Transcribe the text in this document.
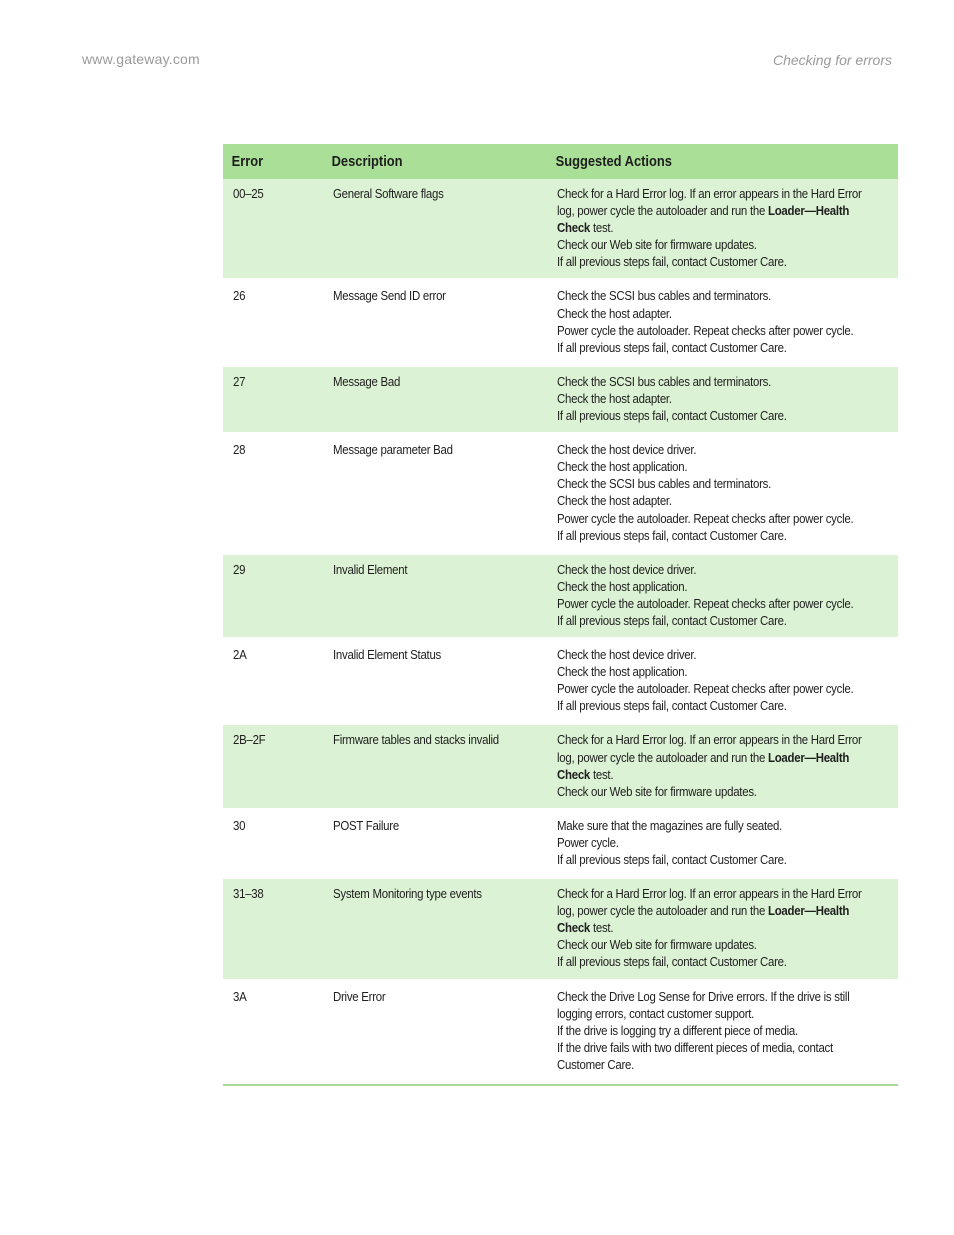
www.gateway.com	Checking for errors
Error	Description	Suggested Actions
00–25	General Software flags	Check for a Hard Error log. If an error appears in the Hard Error
log, power cycle the autoloader and run the Loader—Health
Check test.
Check our Web site for firmware updates.
If all previous steps fail, contact Customer Care.
26	Message Send ID error	Check the SCSI bus cables and terminators.
Check the host adapter.
Power cycle the autoloader. Repeat checks after power cycle.
If all previous steps fail, contact Customer Care.
27	Message Bad	Check the SCSI bus cables and terminators.
Check the host adapter.
If all previous steps fail, contact Customer Care.
28	Message parameter Bad	Check the host device driver.
Check the host application.
Check the SCSI bus cables and terminators.
Check the host adapter.
Power cycle the autoloader. Repeat checks after power cycle.
If all previous steps fail, contact Customer Care.
29	Invalid Element	Check the host device driver.
Check the host application.
Power cycle the autoloader. Repeat checks after power cycle.
If all previous steps fail, contact Customer Care.
2A	Invalid Element Status	Check the host device driver.
Check the host application.
Power cycle the autoloader. Repeat checks after power cycle.
If all previous steps fail, contact Customer Care.
2B–2F	Firmware tables and stacks invalid	Check for a Hard Error log. If an error appears in the Hard Error
log, power cycle the autoloader and run the Loader—Health
Check test.
Check our Web site for firmware updates.
30	POST Failure	Make sure that the magazines are fully seated.
Power cycle.
If all previous steps fail, contact Customer Care.
31–38	System Monitoring type events	Check for a Hard Error log. If an error appears in the Hard Error
log, power cycle the autoloader and run the Loader—Health
Check test.
Check our Web site for firmware updates.
If all previous steps fail, contact Customer Care.
3A	Drive Error	Check the Drive Log Sense for Drive errors. If the drive is still
logging errors, contact customer support.
If the drive is logging try a different piece of media.
If the drive fails with two different pieces of media, contact
Customer Care.
